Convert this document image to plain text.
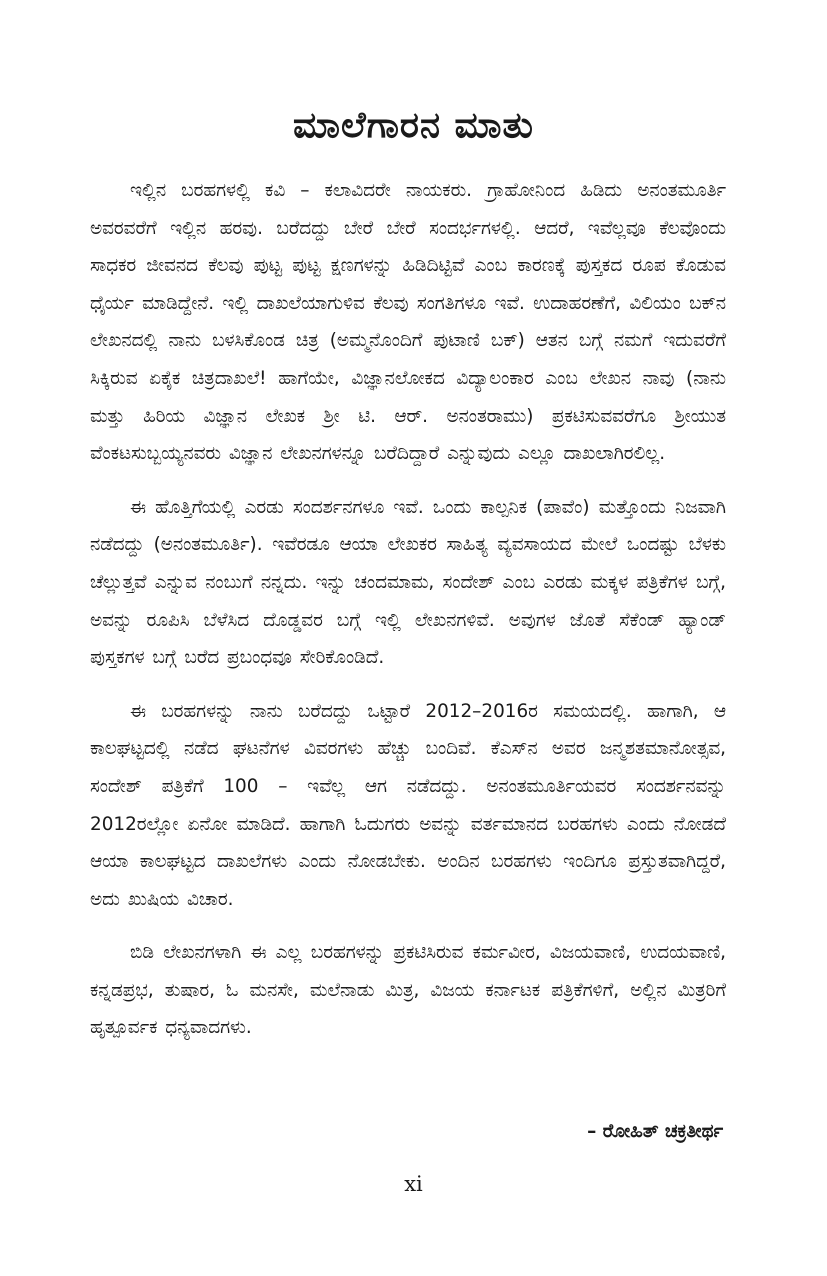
ಮಾಲೆಗಾರನ ಮಾತು

ಇಲ್ಲಿನ ಬರಹಗಳಲ್ಲಿ ಕವಿ – ಕಲಾವಿದರೇ ನಾಯಕರು. ಗ್ರಾಹೋನಿಂದ ಹಿಡಿದು ಅನಂತಮೂರ್ತಿ ಅವರವರೆಗೆ ಇಲ್ಲಿನ ಹರವು. ಬರೆದದ್ದು ಬೇರೆ ಬೇರೆ ಸಂದರ್ಭಗಳಲ್ಲಿ. ಆದರೆ, ಇವೆಲ್ಲವೂ ಕೆಲವೊಂದು ಸಾಧಕರ ಜೀವನದ ಕೆಲವು ಪುಟ್ಟ ಪುಟ್ಟ ಕ್ಷಣಗಳನ್ನು ಹಿಡಿದಿಟ್ಟಿವೆ ಎಂಬ ಕಾರಣಕ್ಕೆ ಪುಸ್ತಕದ ರೂಪ ಕೊಡುವ ಧೈರ್ಯ ಮಾಡಿದ್ದೇನೆ. ಇಲ್ಲಿ ದಾಖಲೆಯಾಗುಳಿವ ಕೆಲವು ಸಂಗತಿಗಳೂ ಇವೆ. ಉದಾಹರಣೆಗೆ, ವಿಲಿಯಂ ಬಕ್‌ನ ಲೇಖನದಲ್ಲಿ ನಾನು ಬಳಸಿಕೊಂಡ ಚಿತ್ರ (ಅಮ್ಮನೊಂದಿಗೆ ಪುಟಾಣಿ ಬಕ್) ಆತನ ಬಗ್ಗೆ ನಮಗೆ ಇದುವರೆಗೆ ಸಿಕ್ಕಿರುವ ಏಕೈಕ ಚಿತ್ರದಾಖಲೆ! ಹಾಗೆಯೇ, ವಿಜ್ಞಾನಲೋಕದ ವಿದ್ಯಾಲಂಕಾರ ಎಂಬ ಲೇಖನ ನಾವು (ನಾನು ಮತ್ತು ಹಿರಿಯ ವಿಜ್ಞಾನ ಲೇಖಕ ಶ್ರೀ ಟಿ. ಆರ್. ಅನಂತರಾಮು) ಪ್ರಕಟಿಸುವವರೆಗೂ ಶ್ರೀಯುತ ವೆಂಕಟಸುಬ್ಬಯ್ಯನವರು ವಿಜ್ಞಾನ ಲೇಖನಗಳನ್ನೂ ಬರೆದಿದ್ದಾರೆ ಎನ್ನುವುದು ಎಲ್ಲೂ ದಾಖಲಾಗಿರಲಿಲ್ಲ.

ಈ ಹೊತ್ತಿಗೆಯಲ್ಲಿ ಎರಡು ಸಂದರ್ಶನಗಳೂ ಇವೆ. ಒಂದು ಕಾಲ್ಪನಿಕ (ಪಾವೆಂ) ಮತ್ತೊಂದು ನಿಜವಾಗಿ ನಡೆದದ್ದು (ಅನಂತಮೂರ್ತಿ). ಇವೆರಡೂ ಆಯಾ ಲೇಖಕರ ಸಾಹಿತ್ಯ ವ್ಯವಸಾಯದ ಮೇಲೆ ಒಂದಷ್ಟು ಬೆಳಕು ಚೆಲ್ಲುತ್ತವೆ ಎನ್ನುವ ನಂಬುಗೆ ನನ್ನದು. ಇನ್ನು ಚಂದಮಾಮ, ಸಂದೇಶ್ ಎಂಬ ಎರಡು ಮಕ್ಕಳ ಪತ್ರಿಕೆಗಳ ಬಗ್ಗೆ, ಅವನ್ನು ರೂಪಿಸಿ ಬೆಳೆಸಿದ ದೊಡ್ಡವರ ಬಗ್ಗೆ ಇಲ್ಲಿ ಲೇಖನಗಳಿವೆ. ಅವುಗಳ ಜೊತೆ ಸೆಕೆಂಡ್ ಹ್ಯಾಂಡ್ ಪುಸ್ತಕಗಳ ಬಗ್ಗೆ ಬರೆದ ಪ್ರಬಂಧವೂ ಸೇರಿಕೊಂಡಿದೆ.

ಈ ಬರಹಗಳನ್ನು ನಾನು ಬರೆದದ್ದು ಒಟ್ಟಾರೆ 2012–2016ರ ಸಮಯದಲ್ಲಿ. ಹಾಗಾಗಿ, ಆ ಕಾಲಘಟ್ಟದಲ್ಲಿ ನಡೆದ ಘಟನೆಗಳ ವಿವರಗಳು ಹೆಚ್ಚು ಬಂದಿವೆ. ಕೆಎಸ್‌ನ ಅವರ ಜನ್ಮಶತಮಾನೋತ್ಸವ, ಸಂದೇಶ್ ಪತ್ರಿಕೆಗೆ 100 – ಇವೆಲ್ಲ ಆಗ ನಡೆದದ್ದು. ಅನಂತಮೂರ್ತಿಯವರ ಸಂದರ್ಶನವನ್ನು 2012ರಲ್ಲೋ ಏನೋ ಮಾಡಿದೆ. ಹಾಗಾಗಿ ಓದುಗರು ಅವನ್ನು ವರ್ತಮಾನದ ಬರಹಗಳು ಎಂದು ನೋಡದೆ ಆಯಾ ಕಾಲಘಟ್ಟದ ದಾಖಲೆಗಳು ಎಂದು ನೋಡಬೇಕು. ಅಂದಿನ ಬರಹಗಳು ಇಂದಿಗೂ ಪ್ರಸ್ತುತವಾಗಿದ್ದರೆ, ಅದು ಖುಷಿಯ ವಿಚಾರ.

ಬಿಡಿ ಲೇಖನಗಳಾಗಿ ಈ ಎಲ್ಲ ಬರಹಗಳನ್ನು ಪ್ರಕಟಿಸಿರುವ ಕರ್ಮವೀರ, ವಿಜಯವಾಣಿ, ಉದಯವಾಣಿ, ಕನ್ನಡಪ್ರಭ, ತುಷಾರ, ಓ ಮನಸೇ, ಮಲೆನಾಡು ಮಿತ್ರ, ವಿಜಯ ಕರ್ನಾಟಕ ಪತ್ರಿಕೆಗಳಿಗೆ, ಅಲ್ಲಿನ ಮಿತ್ರರಿಗೆ ಹೃತ್ಪೂರ್ವಕ ಧನ್ಯವಾದಗಳು.

– ರೋಹಿತ್ ಚಕ್ರತೀರ್ಥ
xi
